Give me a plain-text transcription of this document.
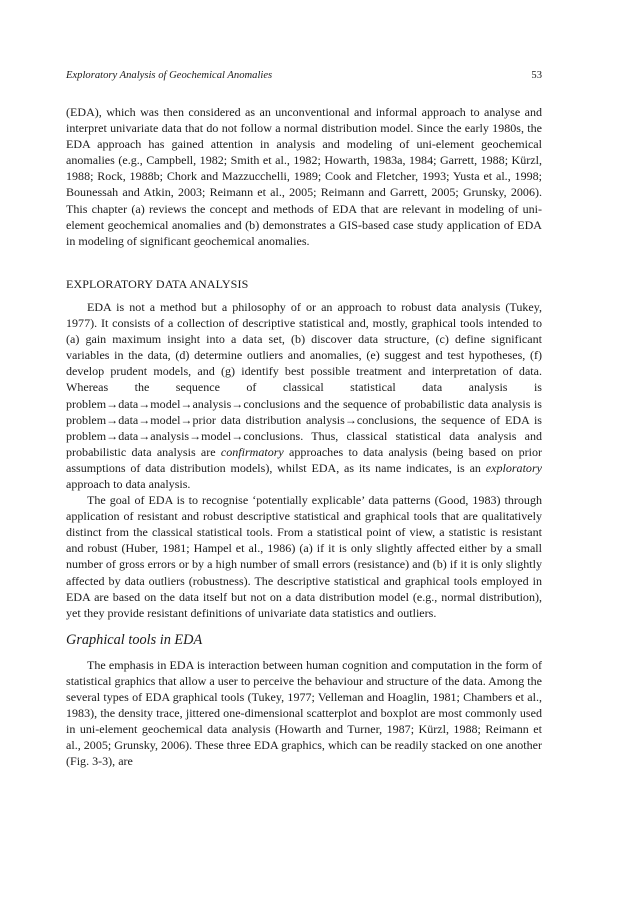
Exploratory Analysis of Geochemical Anomalies	53

(EDA), which was then considered as an unconventional and informal approach to analyse and interpret univariate data that do not follow a normal distribution model. Since the early 1980s, the EDA approach has gained attention in analysis and modeling of uni-element geochemical anomalies (e.g., Campbell, 1982; Smith et al., 1982; Howarth, 1983a, 1984; Garrett, 1988; Kürzl, 1988; Rock, 1988b; Chork and Mazzucchelli, 1989; Cook and Fletcher, 1993; Yusta et al., 1998; Bounessah and Atkin, 2003; Reimann et al., 2005; Reimann and Garrett, 2005; Grunsky, 2006). This chapter (a) reviews the concept and methods of EDA that are relevant in modeling of uni-element geochemical anomalies and (b) demonstrates a GIS-based case study application of EDA in modeling of significant geochemical anomalies.

EXPLORATORY DATA ANALYSIS

EDA is not a method but a philosophy of or an approach to robust data analysis (Tukey, 1977). It consists of a collection of descriptive statistical and, mostly, graphical tools intended to (a) gain maximum insight into a data set, (b) discover data structure, (c) define significant variables in the data, (d) determine outliers and anomalies, (e) suggest and test hypotheses, (f) develop prudent models, and (g) identify best possible treatment and interpretation of data. Whereas the sequence of classical statistical data analysis is problem→data→model→analysis→conclusions and the sequence of probabilistic data analysis is problem→data→model→prior data distribution analysis→conclusions, the sequence of EDA is problem→data→analysis→model→conclusions. Thus, classical statistical data analysis and probabilistic data analysis are confirmatory approaches to data analysis (being based on prior assumptions of data distribution models), whilst EDA, as its name indicates, is an exploratory approach to data analysis.

The goal of EDA is to recognise ‘potentially explicable’ data patterns (Good, 1983) through application of resistant and robust descriptive statistical and graphical tools that are qualitatively distinct from the classical statistical tools. From a statistical point of view, a statistic is resistant and robust (Huber, 1981; Hampel et al., 1986) (a) if it is only slightly affected either by a small number of gross errors or by a high number of small errors (resistance) and (b) if it is only slightly affected by data outliers (robustness). The descriptive statistical and graphical tools employed in EDA are based on the data itself but not on a data distribution model (e.g., normal distribution), yet they provide resistant definitions of univariate data statistics and outliers.

Graphical tools in EDA

The emphasis in EDA is interaction between human cognition and computation in the form of statistical graphics that allow a user to perceive the behaviour and structure of the data. Among the several types of EDA graphical tools (Tukey, 1977; Velleman and Hoaglin, 1981; Chambers et al., 1983), the density trace, jittered one-dimensional scatterplot and boxplot are most commonly used in uni-element geochemical data analysis (Howarth and Turner, 1987; Kürzl, 1988; Reimann et al., 2005; Grunsky, 2006). These three EDA graphics, which can be readily stacked on one another (Fig. 3-3), are
